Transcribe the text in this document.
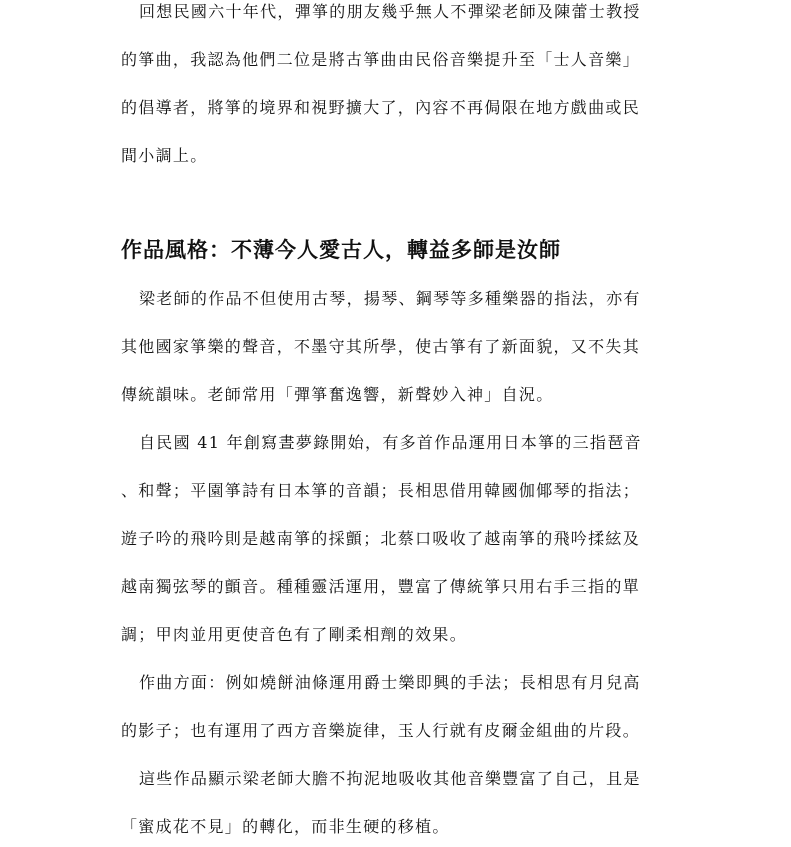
回想民國六十年代，彈箏的朋友幾乎無人不彈梁老師及陳蕾士教授
的箏曲，我認為他們二位是將古箏曲由民俗音樂提升至「士人音樂」
的倡導者，將箏的境界和視野擴大了，內容不再侷限在地方戲曲或民
間小調上。
作品風格：不薄今人愛古人，轉益多師是汝師
梁老師的作品不但使用古琴，揚琴、鋼琴等多種樂器的指法，亦有
其他國家箏樂的聲音，不墨守其所學，使古箏有了新面貌，又不失其
傳統韻味。老師常用「彈箏奮逸響，新聲妙入神」自況。
自民國 41 年創寫晝夢錄開始，有多首作品運用日本箏的三指琶音
、和聲；平園箏詩有日本箏的音韻；長相思借用韓國伽倻琴的指法；
遊子吟的飛吟則是越南箏的採顫；北蔡口吸收了越南箏的飛吟揉絃及
越南獨弦琴的顫音。種種靈活運用，豐富了傳統箏只用右手三指的單
調；甲肉並用更使音色有了剛柔相劑的效果。
作曲方面：例如燒餅油條運用爵士樂即興的手法；長相思有月兒高
的影子；也有運用了西方音樂旋律，玉人行就有皮爾金組曲的片段。
這些作品顯示梁老師大膽不拘泥地吸收其他音樂豐富了自己，且是
「蜜成花不見」的轉化，而非生硬的移植。
